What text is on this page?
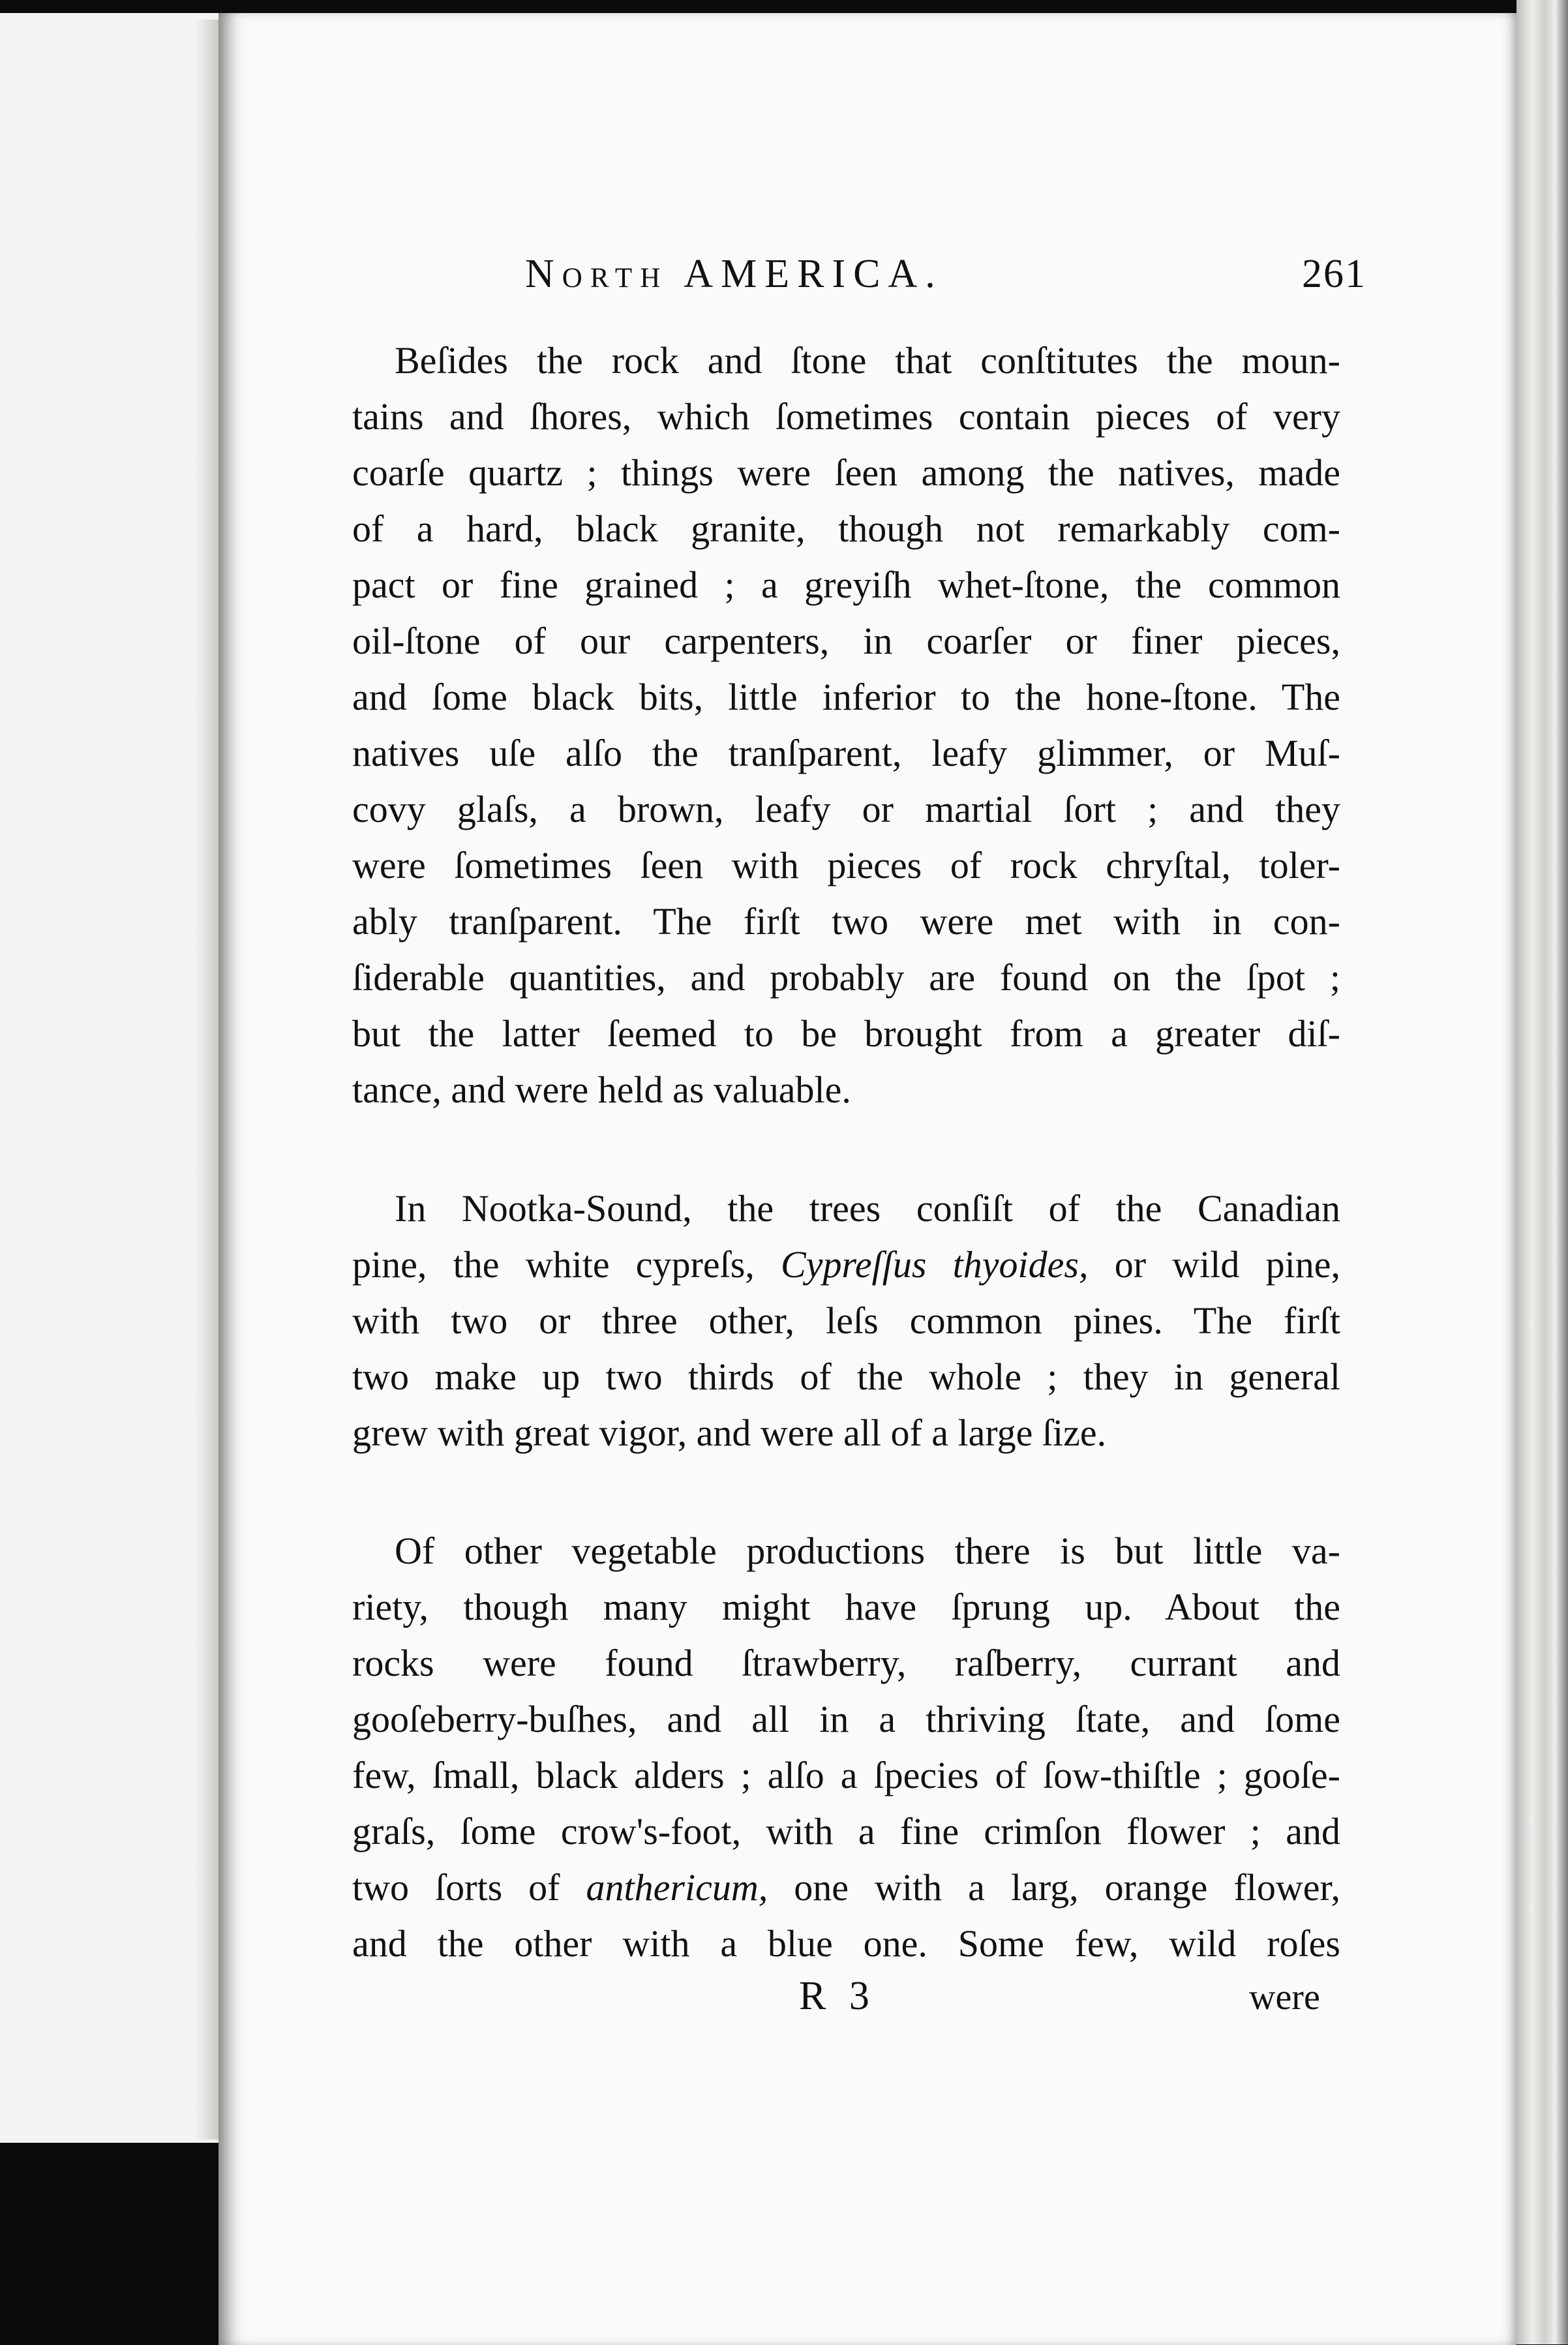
North AMERICA.	261
Beſides the rock and ſtone that conſtitutes the moun-
tains and ſhores, which ſometimes contain pieces of very
coarſe quartz ; things were ſeen among the natives, made
of a hard, black granite, though not remarkably com-
pact or fine grained ; a greyiſh whet-ſtone, the common
oil-ſtone of our carpenters, in coarſer or finer pieces,
and ſome black bits, little inferior to the hone-ſtone. The
natives uſe alſo the tranſparent, leafy glimmer, or Muſ-
covy glaſs, a brown, leafy or martial ſort ; and they
were ſometimes ſeen with pieces of rock chryſtal, toler-
ably tranſparent. The firſt two were met with in con-
ſiderable quantities, and probably are found on the ſpot ;
but the latter ſeemed to be brought from a greater diſ-
tance, and were held as valuable.
In Nootka-Sound, the trees conſiſt of the Canadian
pine, the white cypreſs, Cypreſſus thyoides, or wild pine,
with two or three other, leſs common pines. The firſt
two make up two thirds of the whole ; they in general
grew with great vigor, and were all of a large ſize.
Of other vegetable productions there is but little va-
riety, though many might have ſprung up. About the
rocks were found ſtrawberry, raſberry, currant and
gooſeberry-buſhes, and all in a thriving ſtate, and ſome
few, ſmall, black alders ; alſo a ſpecies of ſow-thiſtle ; gooſe-
graſs, ſome crow's-foot, with a fine crimſon flower ; and
two ſorts of anthericum, one with a larg, orange flower,
and the other with a blue one. Some few, wild roſes
R 3	were
